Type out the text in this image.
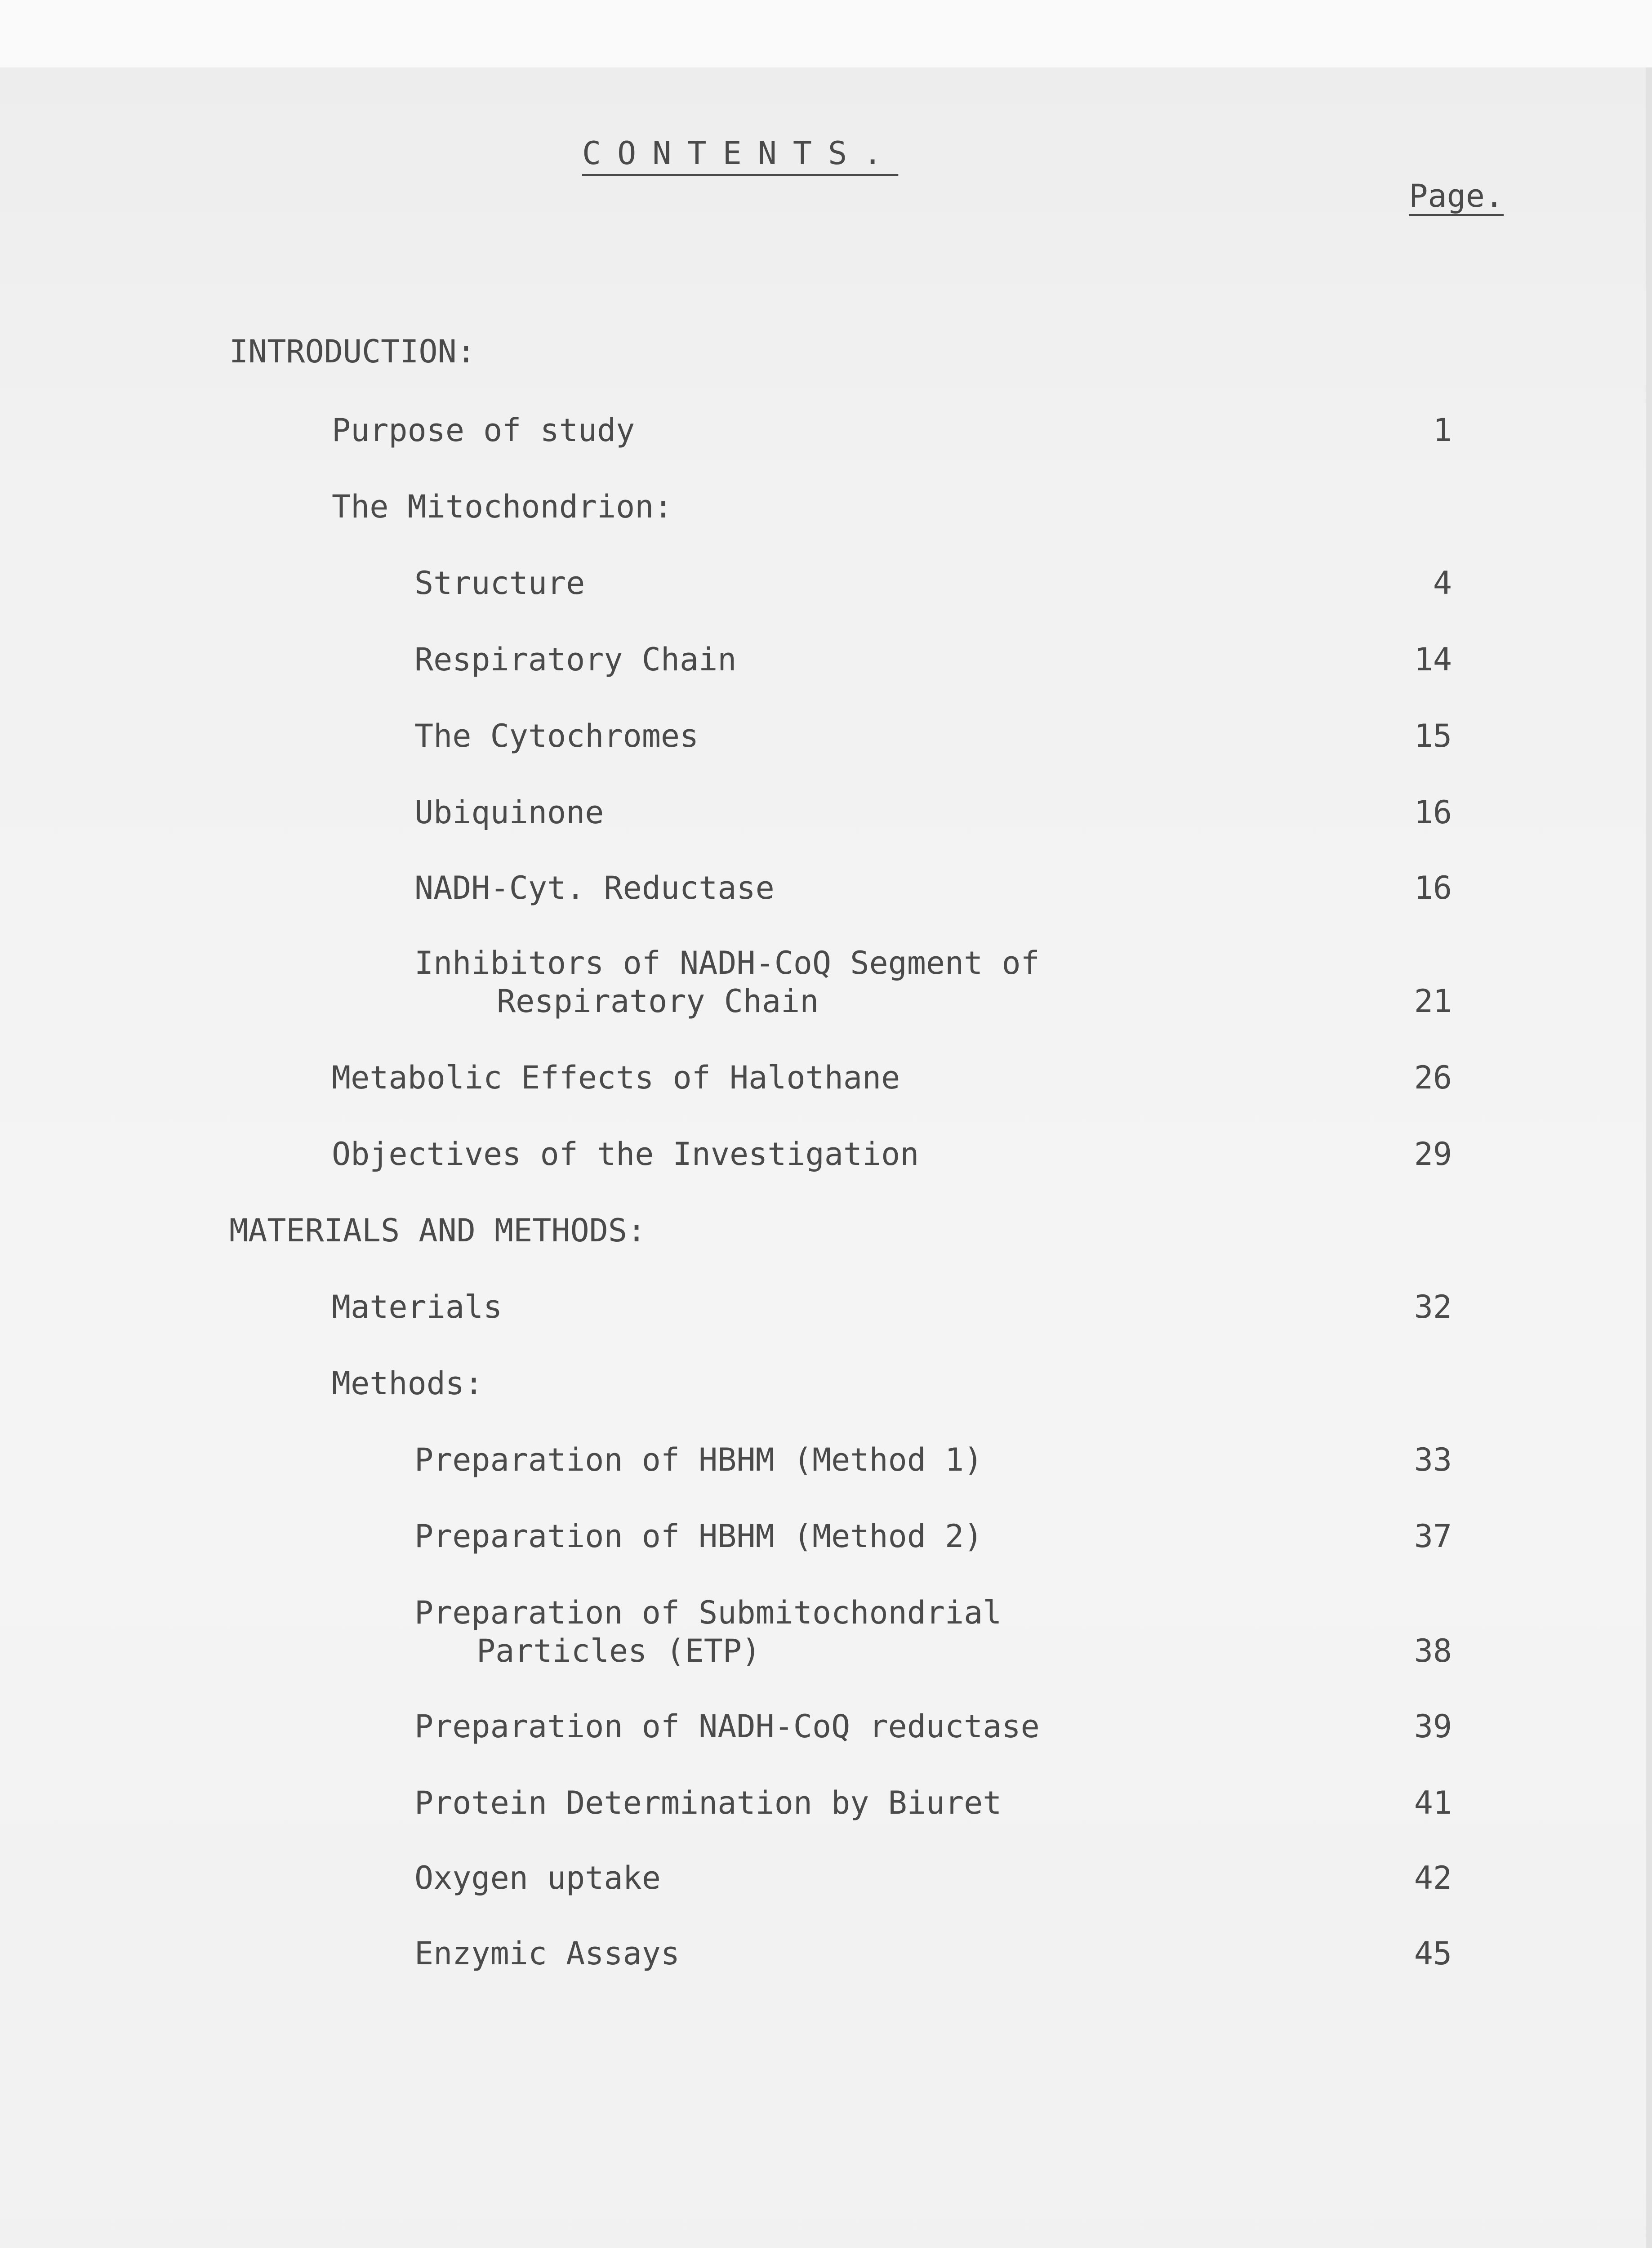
CONTENTS.
Page.
INTRODUCTION:
Purpose of study	1
The Mitochondrion:
Structure	4
Respiratory Chain	14
The Cytochromes	15
Ubiquinone	16
NADH-Cyt. Reductase	16
Inhibitors of NADH-CoQ Segment of
Respiratory Chain	21
Metabolic Effects of Halothane	26
Objectives of the Investigation	29
MATERIALS AND METHODS:
Materials	32
Methods:
Preparation of HBHM (Method 1)	33
Preparation of HBHM (Method 2)	37
Preparation of Submitochondrial
Particles (ETP)	38
Preparation of NADH-CoQ reductase	39
Protein Determination by Biuret	41
Oxygen uptake	42
Enzymic Assays	45
